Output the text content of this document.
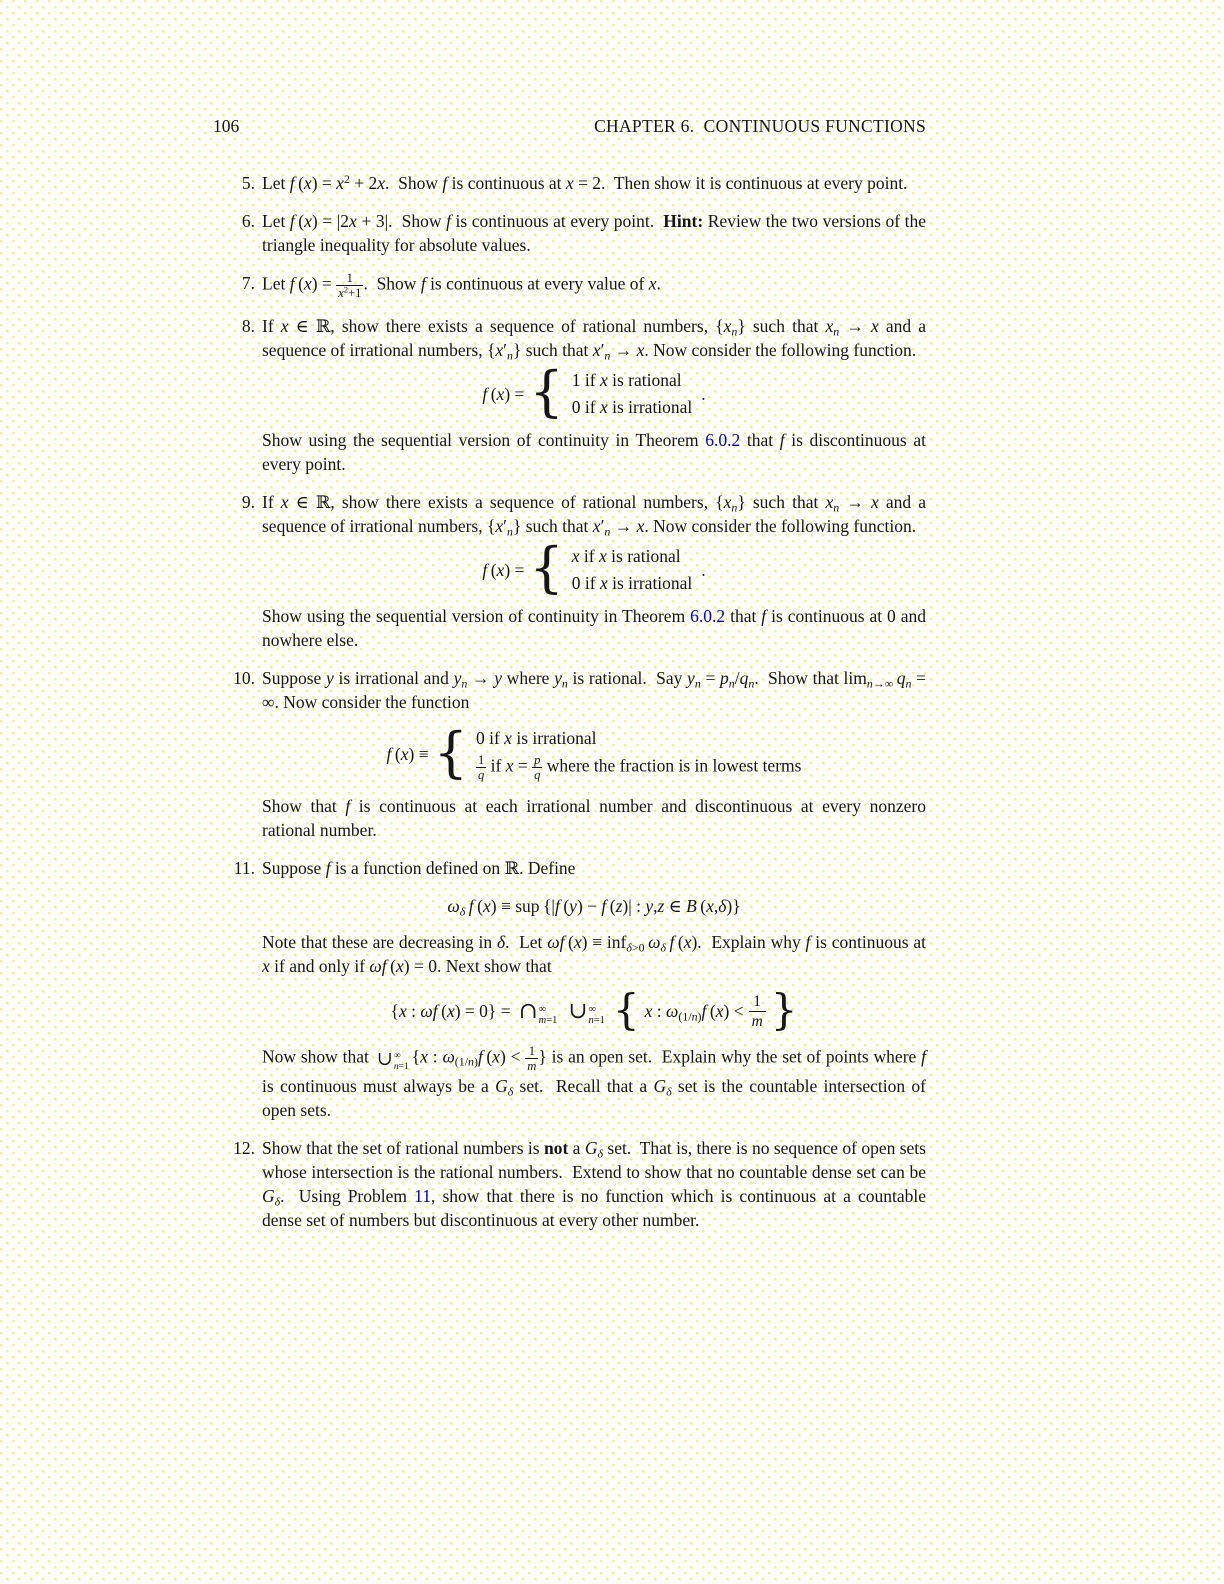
106	CHAPTER 6.  CONTINUOUS FUNCTIONS
5. Let f $(x) = x^2 + 2x$.  Show f is continuous at x = 2.  Then show it is continuous at every point.
6. Let f (x) = |2x + 3|.  Show f is continuous at every point.  Hint: Review the two versions of the triangle inequality for absolute values.
7. Let f $(x) = \frac{1}{x^2+1}$ .  Show f is continuous at every value of x.
8. If x ∈ ℝ, show there exists a sequence of rational numbers, $\{x_n\}$ such that $x_n \to x$ and a sequence of irrational numbers, $\{x'_n\}$ such that $x'_n \to x$. Now consider the following function.
f (x) = { 1 if x is rational
0 if x is irrational
.
Show using the sequential version of continuity in Theorem 6.0.2 that f is discontinuous at every point.
9. If x ∈ ℝ, show there exists a sequence of rational numbers, $\{x_n\}$ such that $x_n \to x$ and a sequence of irrational numbers, $\{x'_n\}$ such that $x'_n \to x$. Now consider the following function.
f (x) = { x if x is rational
0 if x is irrational
.
Show using the sequential version of continuity in Theorem 6.0.2 that f is continuous at 0 and nowhere else.
10. Suppose y is irrational and $y_n \to y$ where $y_n$ is rational.  Say $y_n = p_n/q_n$.  Show that $\lim_{n\to\infty} q_n$ = ∞. Now consider the function
f (x) ≡ { 0 if x is irrational
$\frac{1}{q}$ if $x = \frac{p}{q}$ where the fraction is in lowest terms
Show that f is continuous at each irrational number and discontinuous at every nonzero rational number.
11. Suppose f is a function defined on ℝ. Define
$\omega_\delta$  f (x) ≡ sup {|f (y) − f (z)| : y,z ∈ B (x,δ)}
Note that these are decreasing in δ.  Let ωf (x) ≡ inf$_{\delta>0}$  $\omega_\delta$  f (x).  Explain why f is continuous at x if and only if ωf (x) = 0. Next show that
{x : ωf (x) = 0} = ∩ ∞
m=1 ∪ ∞
n=1 { x : $\omega_{(1/n)}f$ (x) <
1
m }
Now show that ∪ ∞
n=1 {x : $\omega_{(1/n)}f$ $(x) < \frac{1}{m}$ } is an open set.  Explain why the set of points where f is continuous must always be a $G_\delta$ set.  Recall that a $G_\delta$ set is the countable intersection of open sets.
12. Show that the set of rational numbers is not a $G_\delta$ set.  That is, there is no sequence of open sets whose intersection is the rational numbers.  Extend to show that no countable dense set can be $G_\delta$.  Using Problem 11, show that there is no function which is continuous at a countable dense set of numbers but discontinuous at every other number.
